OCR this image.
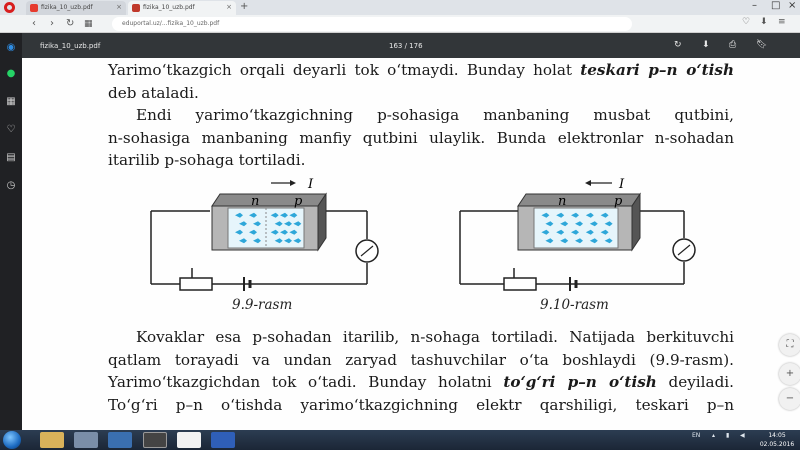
fizika_10_uzb.pdf	×	fizika_10_uzb.pdf	× +	– □ ×
‹ › ↻ ▦	eduportal.uz/...fizika_10_uzb.pdf	♡ ⬇ ≡
◉
●
▦
♡
▤
◷
fizika_10_uzb.pdf	163 / 176	↻ ⬇ ⎙ 🔖︎
Yarimo‘tkazgich orqali deyarli tok o‘tmaydi. Bunday holat teskari p–n o‘tish
deb ataladi.
Endi yarimo‘tkazgichning p-sohasiga manbaning musbat qutbini,
n-sohasiga manbaning manfiy qutbini ulaylik. Bunda elektronlar n-sohadan
itarilib p-sohaga tortiladi.
I
n	p
9.9-rasm
I
n	p
9.10-rasm
Kovaklar esa p-sohadan itarilib, n-sohaga tortiladi. Natijada berkituvchi
qatlam torayadi va undan zaryad tashuvchilar o‘ta boshlaydi (9.9-rasm).
Yarimo‘tkazgichdan tok o‘tadi. Bunday holatni to‘g‘ri p–n o‘tish deyiladi.
To‘g‘ri p–n o‘tishda yarimo‘tkazgichning elektr qarshiligi, teskari p–n
⛶
+
−
EN ▴ ▮ ◀	14:05
02.05.2016
